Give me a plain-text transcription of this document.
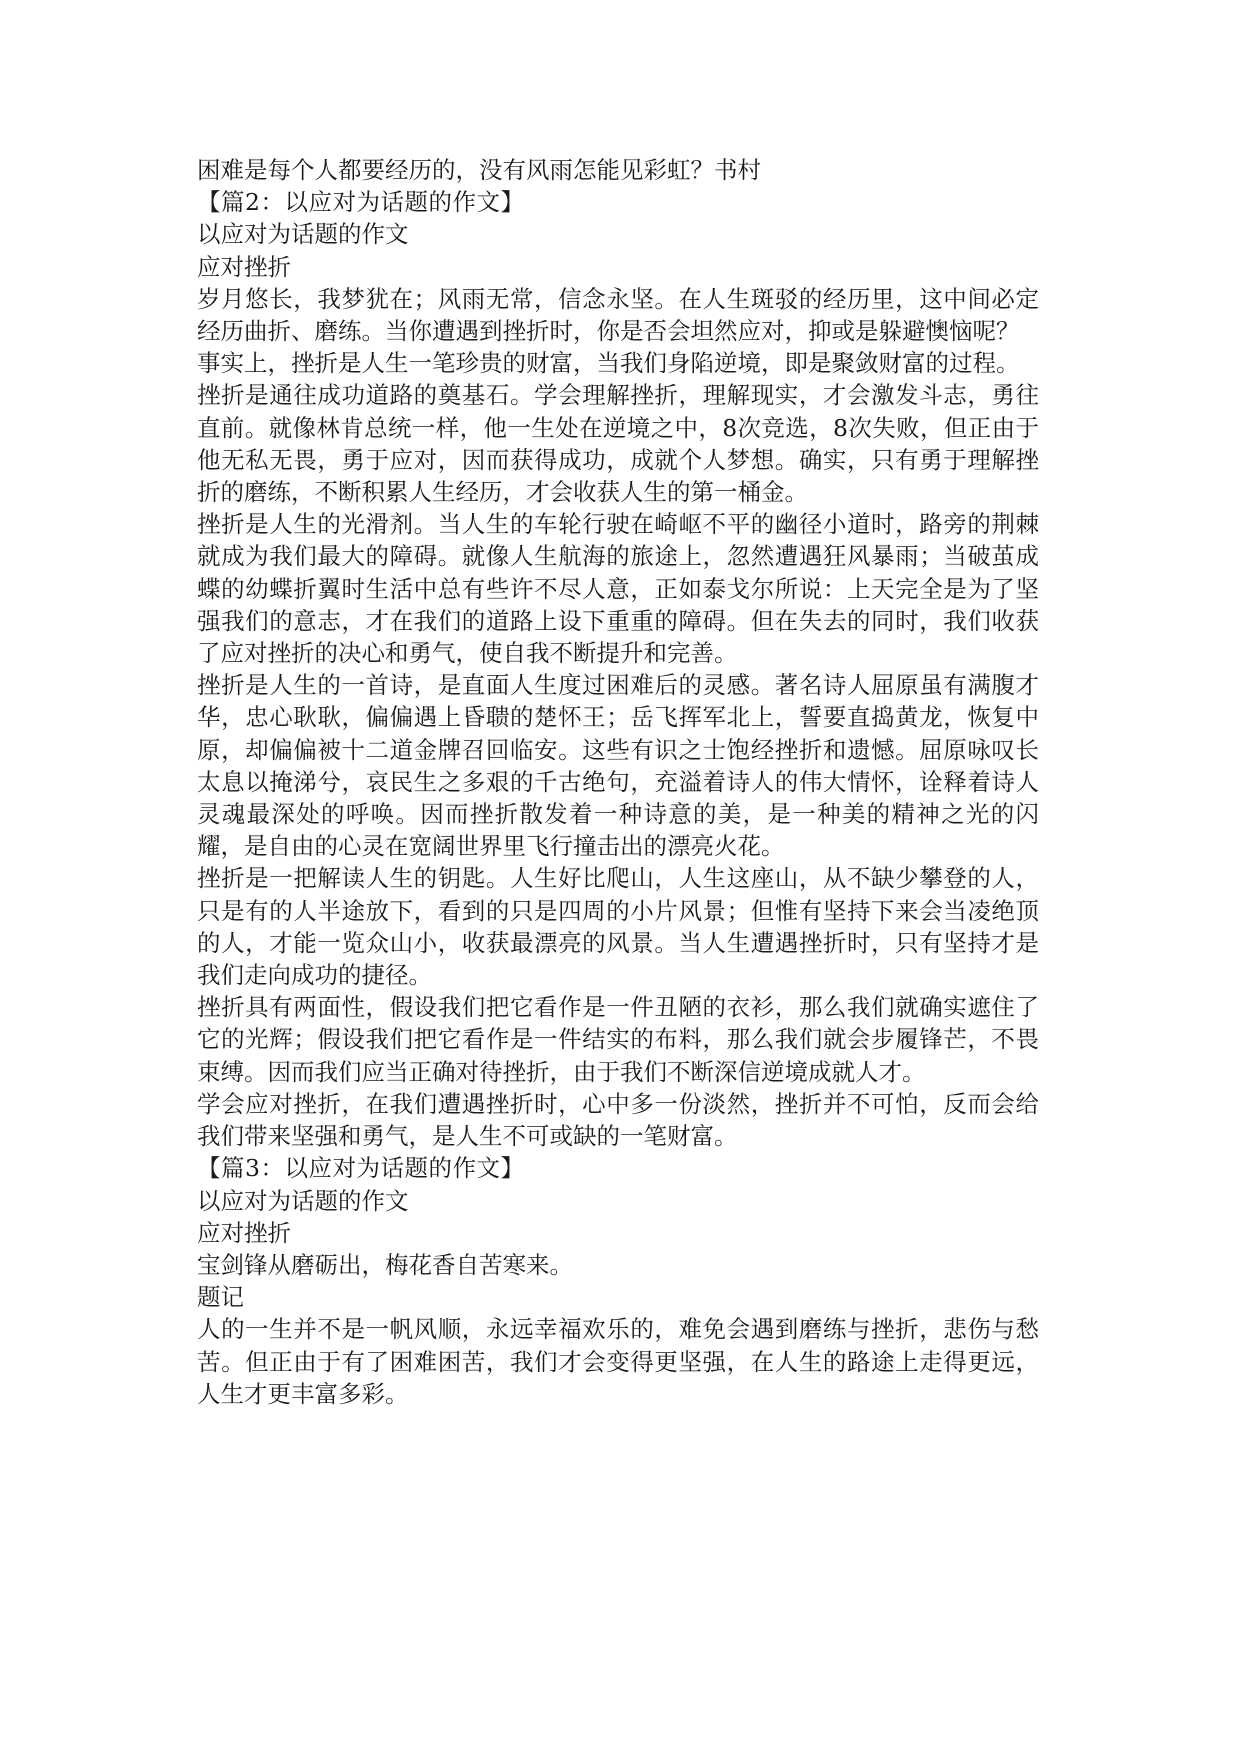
困难是每个人都要经历的，没有风雨怎能见彩虹？书村

【篇2：以应对为话题的作文】

以应对为话题的作文

应对挫折

岁月悠长，我梦犹在；风雨无常，信念永坚。在人生斑驳的经历里，这中间必定经历曲折、磨练。当你遭遇到挫折时，你是否会坦然应对，抑或是躲避懊恼呢？

事实上，挫折是人生一笔珍贵的财富，当我们身陷逆境，即是聚敛财富的过程。

挫折是通往成功道路的奠基石。学会理解挫折，理解现实，才会激发斗志，勇往直前。就像林肯总统一样，他一生处在逆境之中，8次竞选，8次失败，但正由于他无私无畏，勇于应对，因而获得成功，成就个人梦想。确实，只有勇于理解挫折的磨练，不断积累人生经历，才会收获人生的第一桶金。

挫折是人生的光滑剂。当人生的车轮行驶在崎岖不平的幽径小道时，路旁的荆棘就成为我们最大的障碍。就像人生航海的旅途上，忽然遭遇狂风暴雨；当破茧成蝶的幼蝶折翼时生活中总有些许不尽人意，正如泰戈尔所说：上天完全是为了坚强我们的意志，才在我们的道路上设下重重的障碍。但在失去的同时，我们收获了应对挫折的决心和勇气，使自我不断提升和完善。

挫折是人生的一首诗，是直面人生度过困难后的灵感。著名诗人屈原虽有满腹才华，忠心耿耿，偏偏遇上昏聩的楚怀王；岳飞挥军北上，誓要直捣黄龙，恢复中原，却偏偏被十二道金牌召回临安。这些有识之士饱经挫折和遗憾。屈原咏叹长太息以掩涕兮，哀民生之多艰的千古绝句，充溢着诗人的伟大情怀，诠释着诗人灵魂最深处的呼唤。因而挫折散发着一种诗意的美，是一种美的精神之光的闪耀，是自由的心灵在宽阔世界里飞行撞击出的漂亮火花。

挫折是一把解读人生的钥匙。人生好比爬山，人生这座山，从不缺少攀登的人，只是有的人半途放下，看到的只是四周的小片风景；但惟有坚持下来会当凌绝顶的人，才能一览众山小，收获最漂亮的风景。当人生遭遇挫折时，只有坚持才是我们走向成功的捷径。

挫折具有两面性，假设我们把它看作是一件丑陋的衣衫，那么我们就确实遮住了它的光辉；假设我们把它看作是一件结实的布料，那么我们就会步履锋芒，不畏束缚。因而我们应当正确对待挫折，由于我们不断深信逆境成就人才。

学会应对挫折，在我们遭遇挫折时，心中多一份淡然，挫折并不可怕，反而会给我们带来坚强和勇气，是人生不可或缺的一笔财富。

【篇3：以应对为话题的作文】

以应对为话题的作文

应对挫折

宝剑锋从磨砺出，梅花香自苦寒来。

题记

人的一生并不是一帆风顺，永远幸福欢乐的，难免会遇到磨练与挫折，悲伤与愁苦。但正由于有了困难困苦，我们才会变得更坚强，在人生的路途上走得更远，人生才更丰富多彩。
